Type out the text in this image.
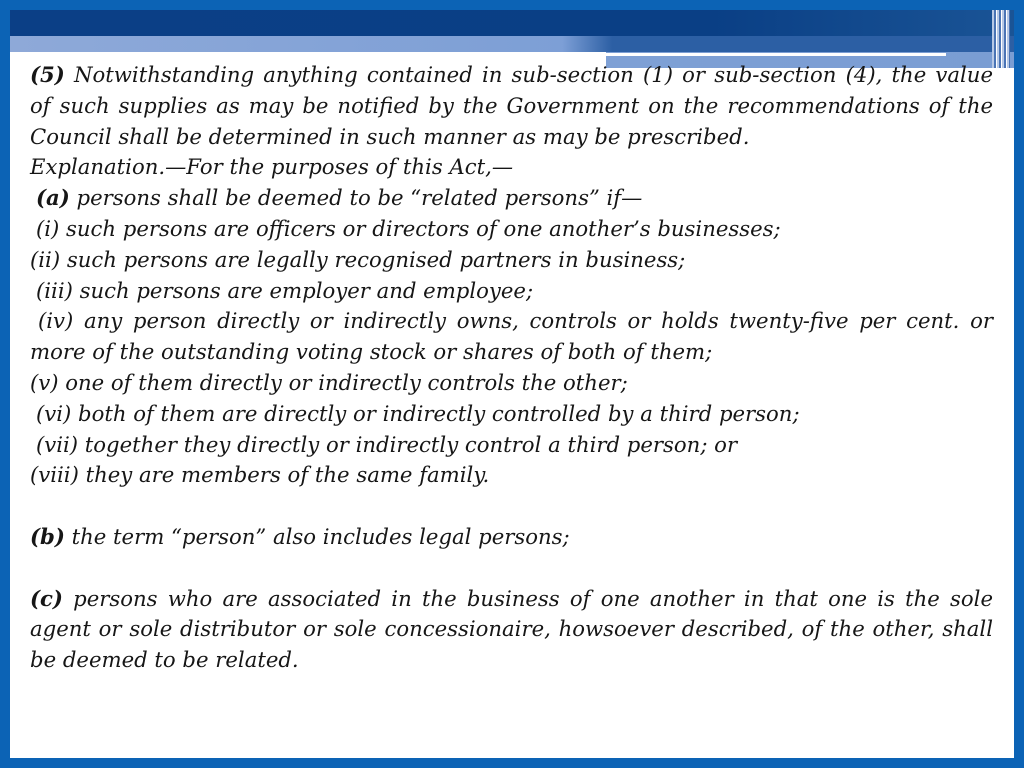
(5) Notwithstanding anything contained in sub-section (1) or sub-section (4), the value of such supplies as may be notified by the Government on the recommendations of the Council shall be determined in such manner as may be prescribed.

Explanation.—For the purposes of this Act,—

(a) persons shall be deemed to be “related persons” if—

(i) such persons are officers or directors of one another’s businesses;

(ii) such persons are legally recognised partners in business;

(iii) such persons are employer and employee;

(iv) any person directly or indirectly owns, controls or holds twenty-five per cent. or more of the outstanding voting stock or shares of both of them;

(v) one of them directly or indirectly controls the other;

(vi) both of them are directly or indirectly controlled by a third person;

(vii) together they directly or indirectly control a third person; or

(viii) they are members of the same family.

(b) the term “person” also includes legal persons;

(c) persons who are associated in the business of one another in that one is the sole agent or sole distributor or sole concessionaire, howsoever described, of the other, shall be deemed to be related.
